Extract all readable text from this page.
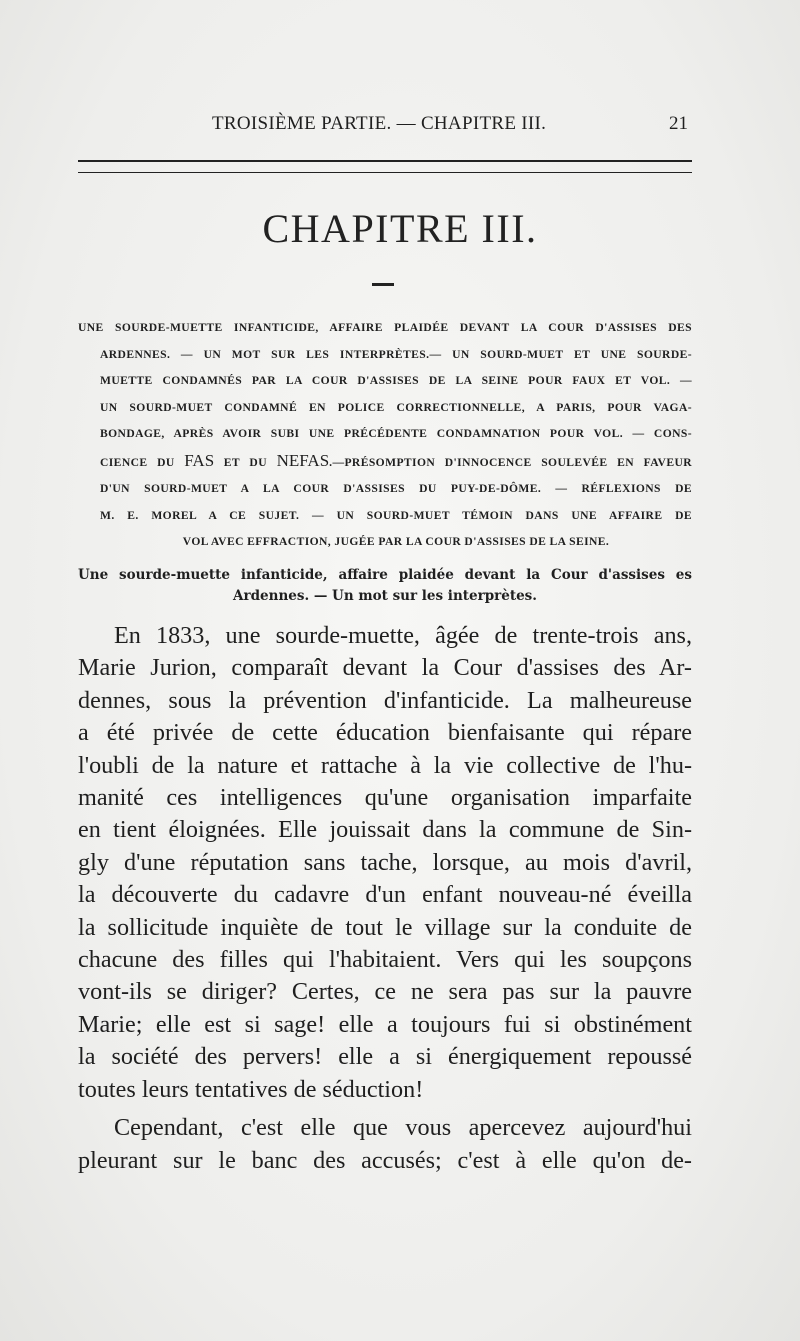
TROISIÈME PARTIE. — CHAPITRE III.	21
CHAPITRE III.
UNE SOURDE-MUETTE INFANTICIDE, AFFAIRE PLAIDÉE DEVANT LA COUR D'ASSISES DES
ARDENNES. — UN MOT SUR LES INTERPRÈTES.— UN SOURD-MUET ET UNE SOURDE-
MUETTE CONDAMNÉS PAR LA COUR D'ASSISES DE LA SEINE POUR FAUX ET VOL. —
UN SOURD-MUET CONDAMNÉ EN POLICE CORRECTIONNELLE, A PARIS, POUR VAGA-
BONDAGE, APRÈS AVOIR SUBI UNE PRÉCÉDENTE CONDAMNATION POUR VOL. — CONS-
CIENCE DU FAS ET DU NEFAS.—PRÉSOMPTION D'INNOCENCE SOULEVÉE EN FAVEUR
D'UN SOURD-MUET A LA COUR D'ASSISES DU PUY-DE-DÔME. — RÉFLEXIONS DE
M. E. MOREL A CE SUJET. — UN SOURD-MUET TÉMOIN DANS UNE AFFAIRE DE
VOL AVEC EFFRACTION, JUGÉE PAR LA COUR D'ASSISES DE LA SEINE.
Une sourde-muette infanticide, affaire plaidée devant la Cour d'assises es
Ardennes. — Un mot sur les interprètes.
En 1833, une sourde-muette, âgée de trente-trois ans,
Marie Jurion, comparaît devant la Cour d'assises des Ar-
dennes, sous la prévention d'infanticide. La malheureuse
a été privée de cette éducation bienfaisante qui répare
l'oubli de la nature et rattache à la vie collective de l'hu-
manité ces intelligences qu'une organisation imparfaite
en tient éloignées. Elle jouissait dans la commune de Sin-
gly d'une réputation sans tache, lorsque, au mois d'avril,
la découverte du cadavre d'un enfant nouveau-né éveilla
la sollicitude inquiète de tout le village sur la conduite de
chacune des filles qui l'habitaient. Vers qui les soupçons
vont-ils se diriger? Certes, ce ne sera pas sur la pauvre
Marie; elle est si sage! elle a toujours fui si obstinément
la société des pervers! elle a si énergiquement repoussé
toutes leurs tentatives de séduction!
Cependant, c'est elle que vous apercevez aujourd'hui
pleurant sur le banc des accusés; c'est à elle qu'on de-
